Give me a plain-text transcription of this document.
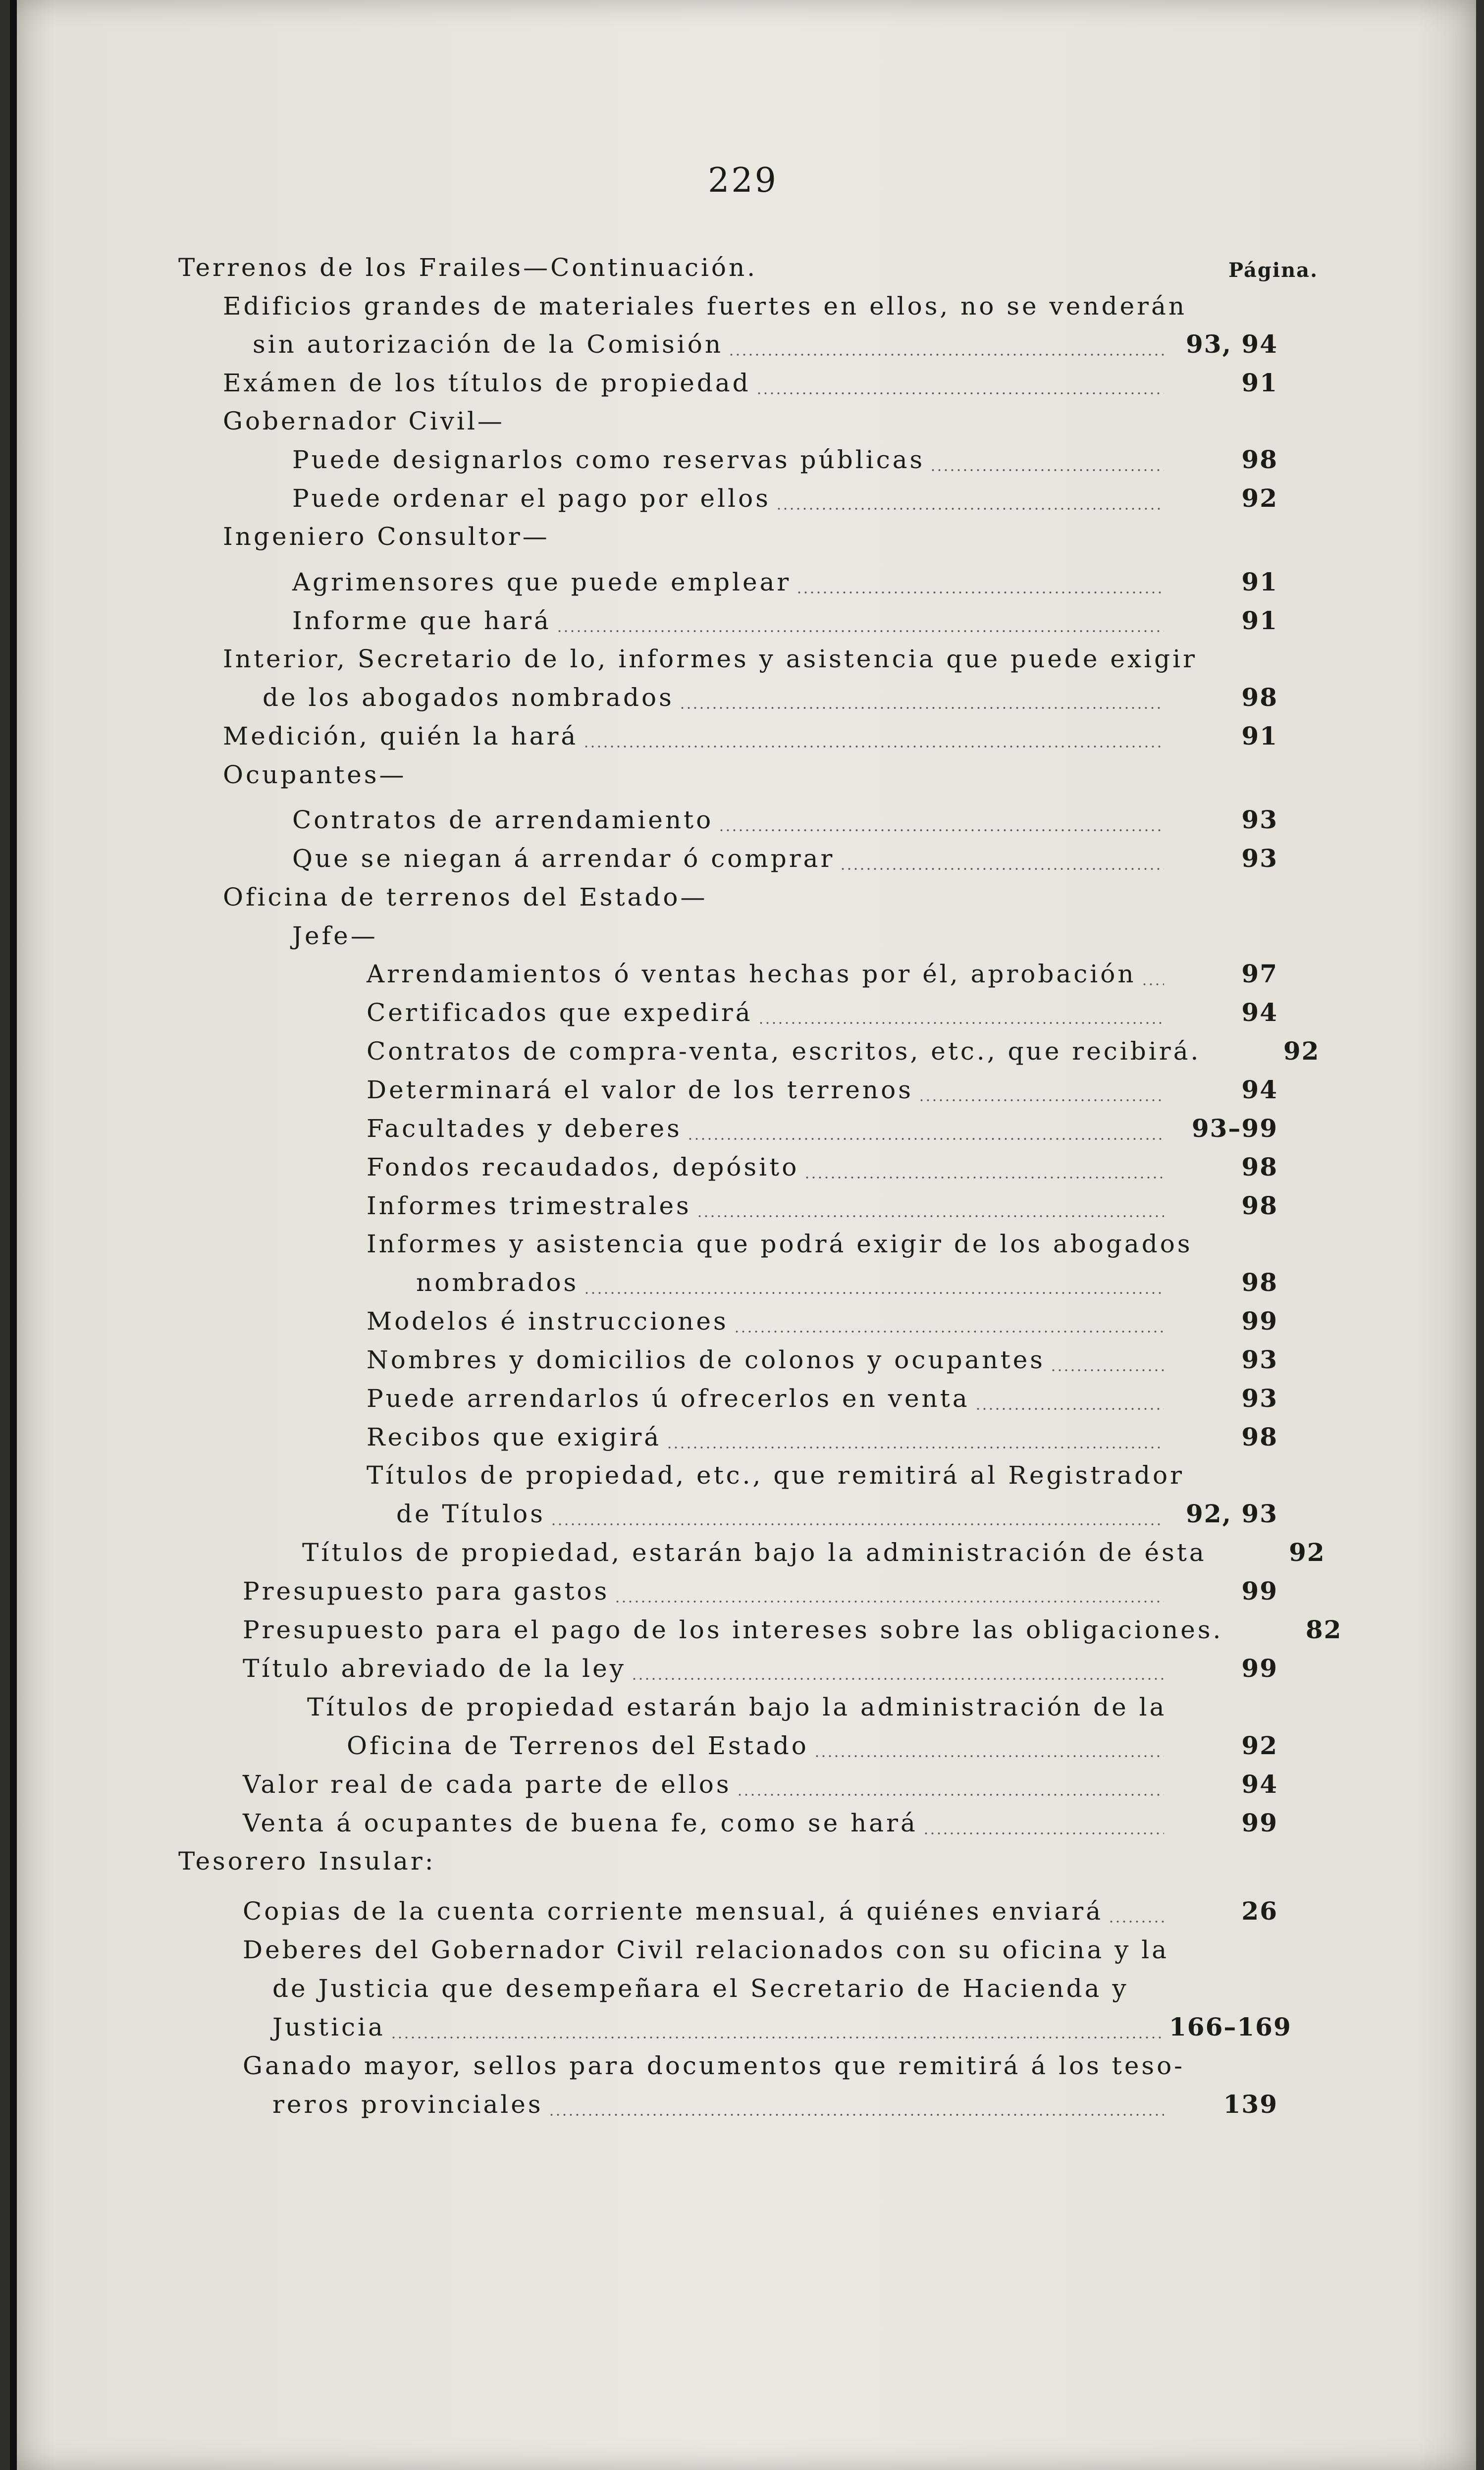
229
Página.
Terrenos de los Frailes—Continuación.
Edificios grandes de materiales fuertes en ellos, no se venderán
sin autorización de la Comisión	93, 94
Exámen de los títulos de propiedad	91
Gobernador Civil—
Puede designarlos como reservas públicas	98
Puede ordenar el pago por ellos	92
Ingeniero Consultor—
Agrimensores que puede emplear	91
Informe que hará	91
Interior, Secretario de lo, informes y asistencia que puede exigir
de los abogados nombrados	98
Medición, quién la hará	91
Ocupantes—
Contratos de arrendamiento	93
Que se niegan á arrendar ó comprar	93
Oficina de terrenos del Estado—
Jefe—
Arrendamientos ó ventas hechas por él, aprobación	97
Certificados que expedirá	94
Contratos de compra-venta, escritos, etc., que recibirá.	92
Determinará el valor de los terrenos	94
Facultades y deberes	93–99
Fondos recaudados, depósito	98
Informes trimestrales	98
Informes y asistencia que podrá exigir de los abogados
nombrados	98
Modelos é instrucciones	99
Nombres y domicilios de colonos y ocupantes	93
Puede arrendarlos ú ofrecerlos en venta	93
Recibos que exigirá	98
Títulos de propiedad, etc., que remitirá al Registrador
de Títulos	92, 93
Títulos de propiedad, estarán bajo la administración de ésta	92
Presupuesto para gastos	99
Presupuesto para el pago de los intereses sobre las obligaciones.	82
Título abreviado de la ley	99
Títulos de propiedad estarán bajo la administración de la
Oficina de Terrenos del Estado	92
Valor real de cada parte de ellos	94
Venta á ocupantes de buena fe, como se hará	99
Tesorero Insular:
Copias de la cuenta corriente mensual, á quiénes enviará	26
Deberes del Gobernador Civil relacionados con su oficina y la
de Justicia que desempeñara el Secretario de Hacienda y
Justicia	166–169
Ganado mayor, sellos para documentos que remitirá á los teso-
reros provinciales	139
